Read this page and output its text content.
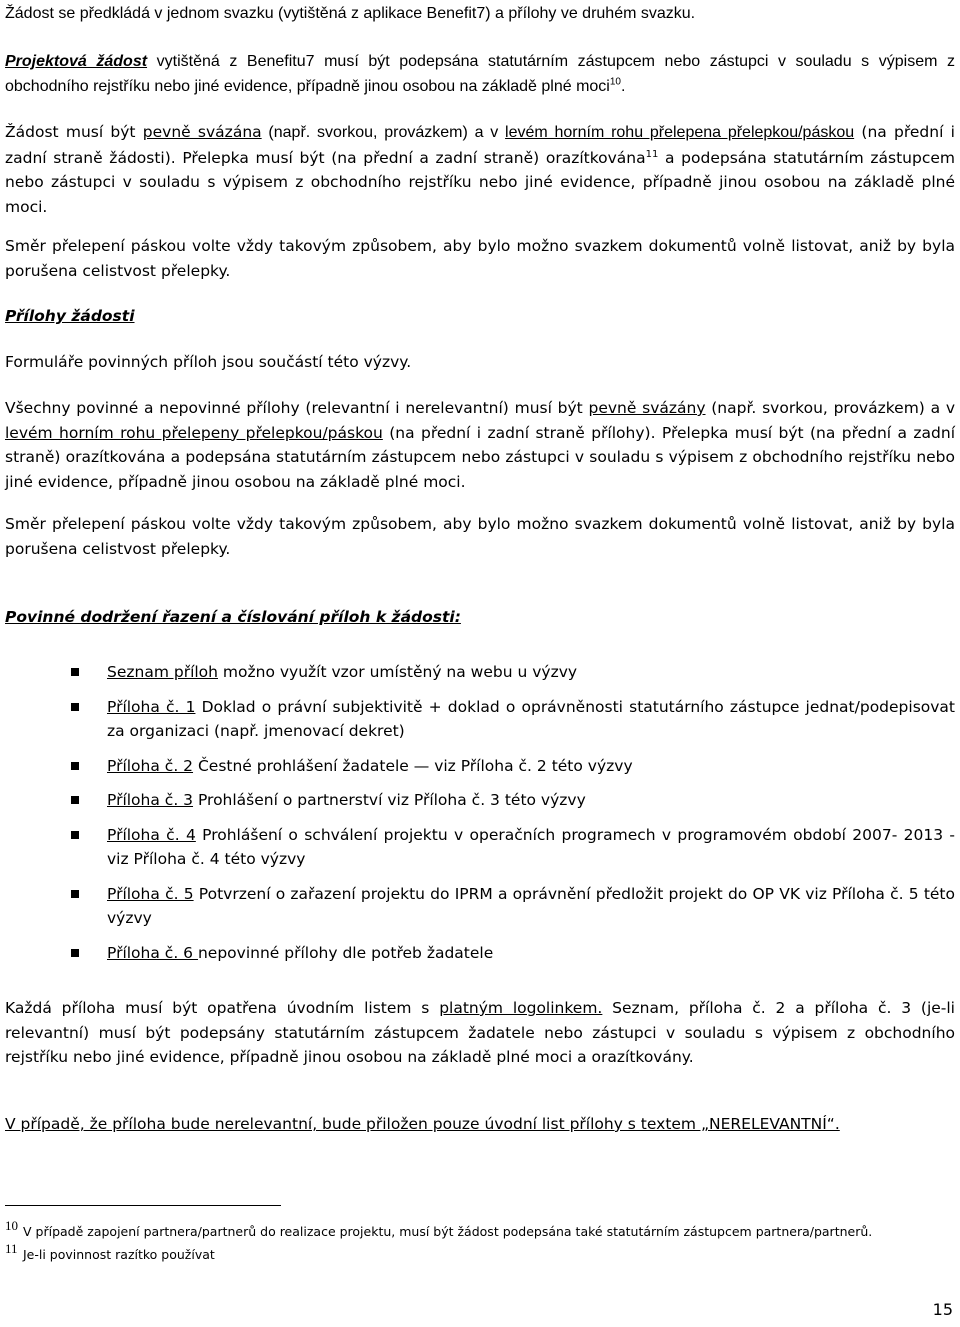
Žádost se předkládá v jednom svazku (vytištěná z aplikace Benefit7) a přílohy ve druhém svazku.

Projektová žádost vytištěná z Benefitu7 musí být podepsána statutárním zástupcem nebo zástupci v souladu s výpisem z obchodního rejstříku nebo jiné evidence, případně jinou osobou na základě plné moci$^{10}$.

Žádost musí být pevně svázána (např. svorkou, provázkem) a v levém horním rohu přelepena přelepkou/páskou (na přední i zadní straně žádosti). Přelepka musí být (na přední a zadní straně) orazítkována$^{11}$ a podepsána statutárním zástupcem nebo zástupci v souladu s výpisem z obchodního rejstříku nebo jiné evidence, případně jinou osobou na základě plné moci.

Směr přelepení páskou volte vždy takovým způsobem, aby bylo možno svazkem dokumentů volně listovat, aniž by byla porušena celistvost přelepky.

Přílohy žádosti

Formuláře povinných příloh jsou součástí této výzvy.

Všechny povinné a nepovinné přílohy (relevantní i nerelevantní) musí být pevně svázány (např. svorkou, provázkem) a v levém horním rohu přelepeny přelepkou/páskou (na přední i zadní straně přílohy). Přelepka musí být (na přední a zadní straně) orazítkována a podepsána statutárním zástupcem nebo zástupci v souladu s výpisem z obchodního rejstříku nebo jiné evidence, případně jinou osobou na základě plné moci.

Směr přelepení páskou volte vždy takovým způsobem, aby bylo možno svazkem dokumentů volně listovat, aniž by byla porušena celistvost přelepky.

Povinné dodržení řazení a číslování příloh k žádosti:

Seznam příloh možno využít vzor umístěný na webu u výzvy
Příloha č. 1 Doklad o právní subjektivitě + doklad o oprávněnosti statutárního zástupce jednat/podepisovat za organizaci (např. jmenovací dekret)
Příloha č. 2 Čestné prohlášení žadatele — viz Příloha č. 2 této výzvy
Příloha č. 3 Prohlášení o partnerství viz Příloha č. 3 této výzvy
Příloha č. 4 Prohlášení o schválení projektu v operačních programech v programovém období 2007- 2013 - viz Příloha č. 4 této výzvy
Příloha č. 5 Potvrzení o zařazení projektu do IPRM a oprávnění předložit projekt do OP VK viz Příloha č. 5 této výzvy
Příloha č. 6 nepovinné přílohy dle potřeb žadatele

Každá příloha musí být opatřena úvodním listem s platným logolinkem. Seznam, příloha č. 2 a příloha č. 3 (je-li relevantní) musí být podepsány statutárním zástupcem žadatele nebo zástupci v souladu s výpisem z obchodního rejstříku nebo jiné evidence, případně jinou osobou na základě plné moci a orazítkovány.

V případě, že příloha bude nerelevantní, bude přiložen pouze úvodní list přílohy s textem „NERELEVANTNÍ“.

10 V případě zapojení partnera/partnerů do realizace projektu, musí být žádost podepsána také statutárním zástupcem partnera/partnerů.

11 Je-li povinnost razítko používat

15
